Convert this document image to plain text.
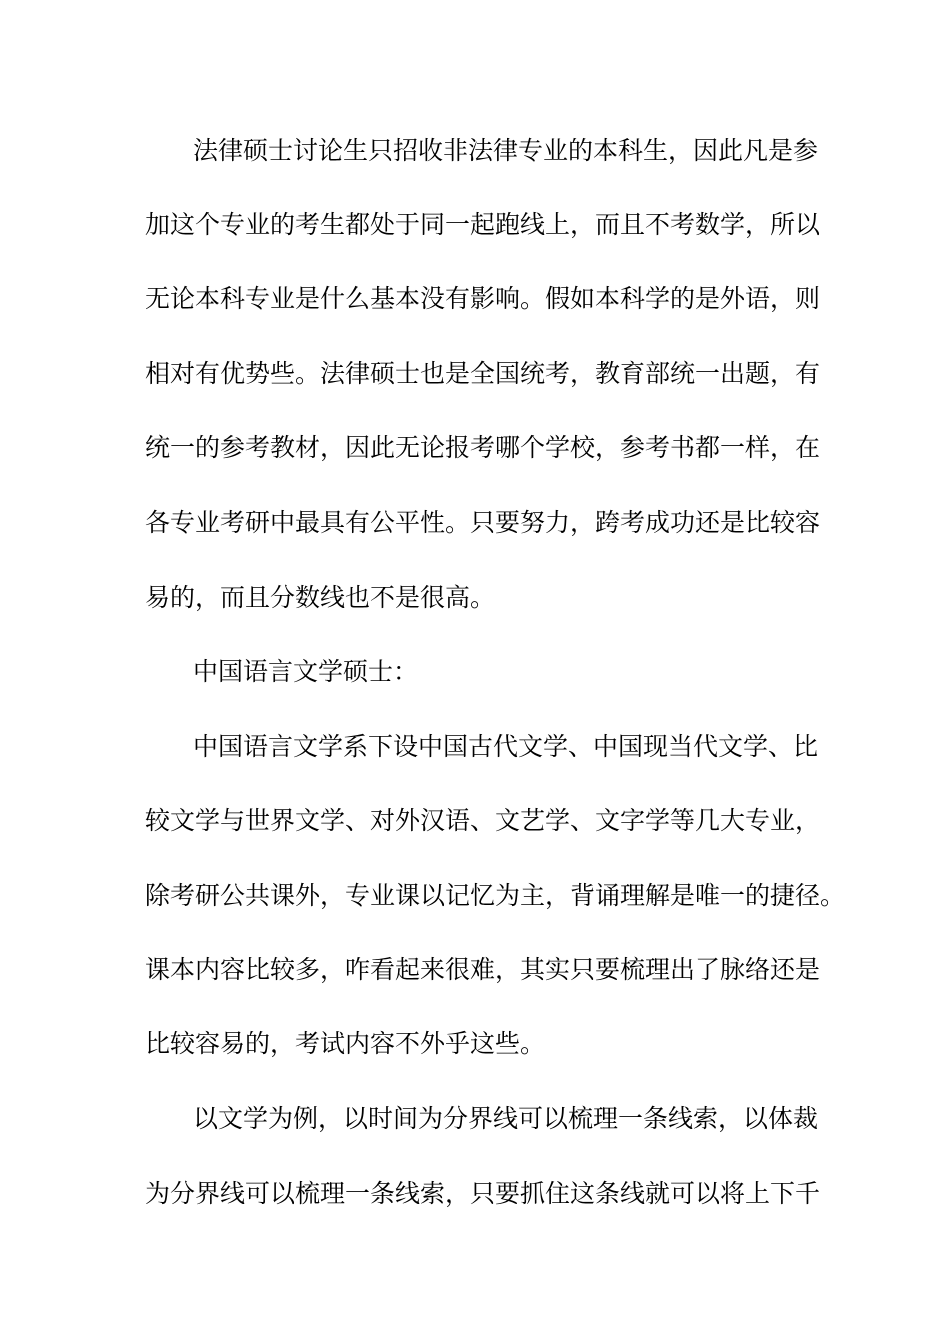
法律硕士讨论生只招收非法律专业的本科生，因此凡是参
加这个专业的考生都处于同一起跑线上，而且不考数学，所以
无论本科专业是什么基本没有影响。假如本科学的是外语，则
相对有优势些。法律硕士也是全国统考，教育部统一出题，有
统一的参考教材，因此无论报考哪个学校，参考书都一样，在
各专业考研中最具有公平性。只要努力，跨考成功还是比较容
易的，而且分数线也不是很高。
中国语言文学硕士：
中国语言文学系下设中国古代文学、中国现当代文学、比
较文学与世界文学、对外汉语、文艺学、文字学等几大专业，
除考研公共课外，专业课以记忆为主，背诵理解是唯一的捷径。
课本内容比较多，咋看起来很难，其实只要梳理出了脉络还是
比较容易的，考试内容不外乎这些。
以文学为例，以时间为分界线可以梳理一条线索，以体裁
为分界线可以梳理一条线索，只要抓住这条线就可以将上下千
